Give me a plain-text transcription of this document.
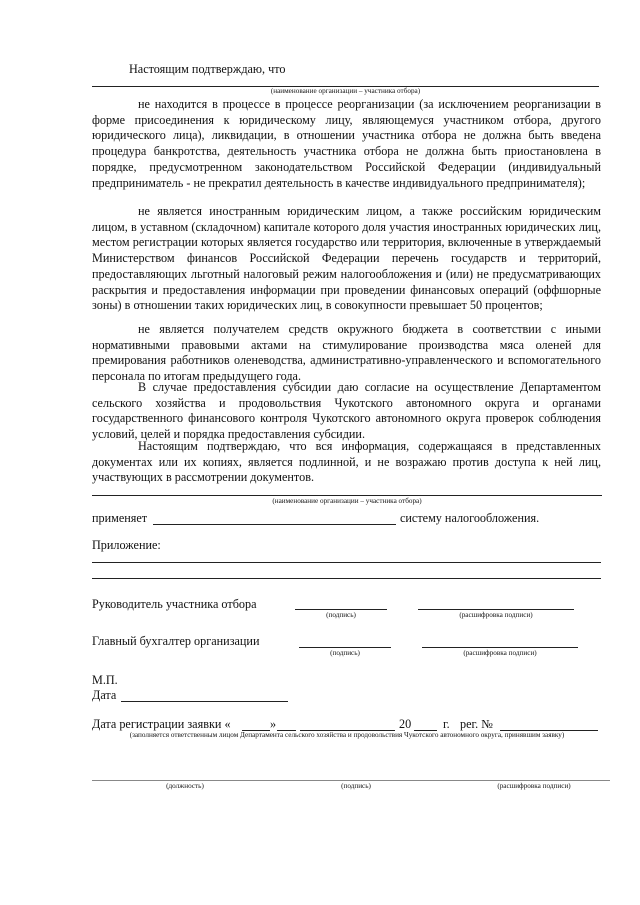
Настоящим подтверждаю, что
(наименование организации – участника отбора)
не находится в процессе в процессе реорганизации (за исключением реорганизации в форме присоединения к юридическому лицу, являющемуся участником отбора, другого юридического лица), ликвидации, в отношении участника отбора не должна быть введена процедура банкротства, деятельность участника отбора не должна быть приостановлена в порядке, предусмотренном законодательством Российской Федерации (индивидуальный предприниматель - не прекратил деятельность в качестве индивидуального предпринимателя);
не является иностранным юридическим лицом, а также российским юридическим лицом, в уставном (складочном) капитале которого доля участия иностранных юридических лиц, местом регистрации которых является государство или территория, включенные в утверждаемый Министерством финансов Российской Федерации перечень государств и территорий, предоставляющих льготный налоговый режим налогообложения и (или) не предусматривающих раскрытия и предоставления информации при проведении финансовых операций (оффшорные зоны) в отношении таких юридических лиц, в совокупности превышает 50 процентов;
не является получателем средств окружного бюджета в соответствии с иными нормативными правовыми актами на стимулирование производства мяса оленей для премирования работников оленеводства, административно-управленческого и вспомогательного персонала по итогам предыдущего года.
В случае предоставления субсидии даю согласие на осуществление Департаментом сельского хозяйства и продовольствия Чукотского автономного округа и органами государственного финансового контроля Чукотского автономного округа проверок соблюдения условий, целей и порядка предоставления субсидии.
Настоящим подтверждаю, что вся информация, содержащаяся в представленных документах или их копиях, является подлинной, и не возражаю против доступа к ней лиц, участвующих в рассмотрении документов.
(наименование организации – участника отбора)
применяет	систему налогообложения.
Приложение:
Руководитель участника отбора
(подпись)	(расшифровка подписи)
Главный бухгалтер организации
(подпись)	(расшифровка подписи)
М.П.
Дата
Дата регистрации заявки «	»	20	г. рег. №
(заполняется ответственным лицом Департамента сельского хозяйства и продовольствия Чукотского автономного округа, принявшим заявку)
(должность)	(подпись)	(расшифровка подписи)
